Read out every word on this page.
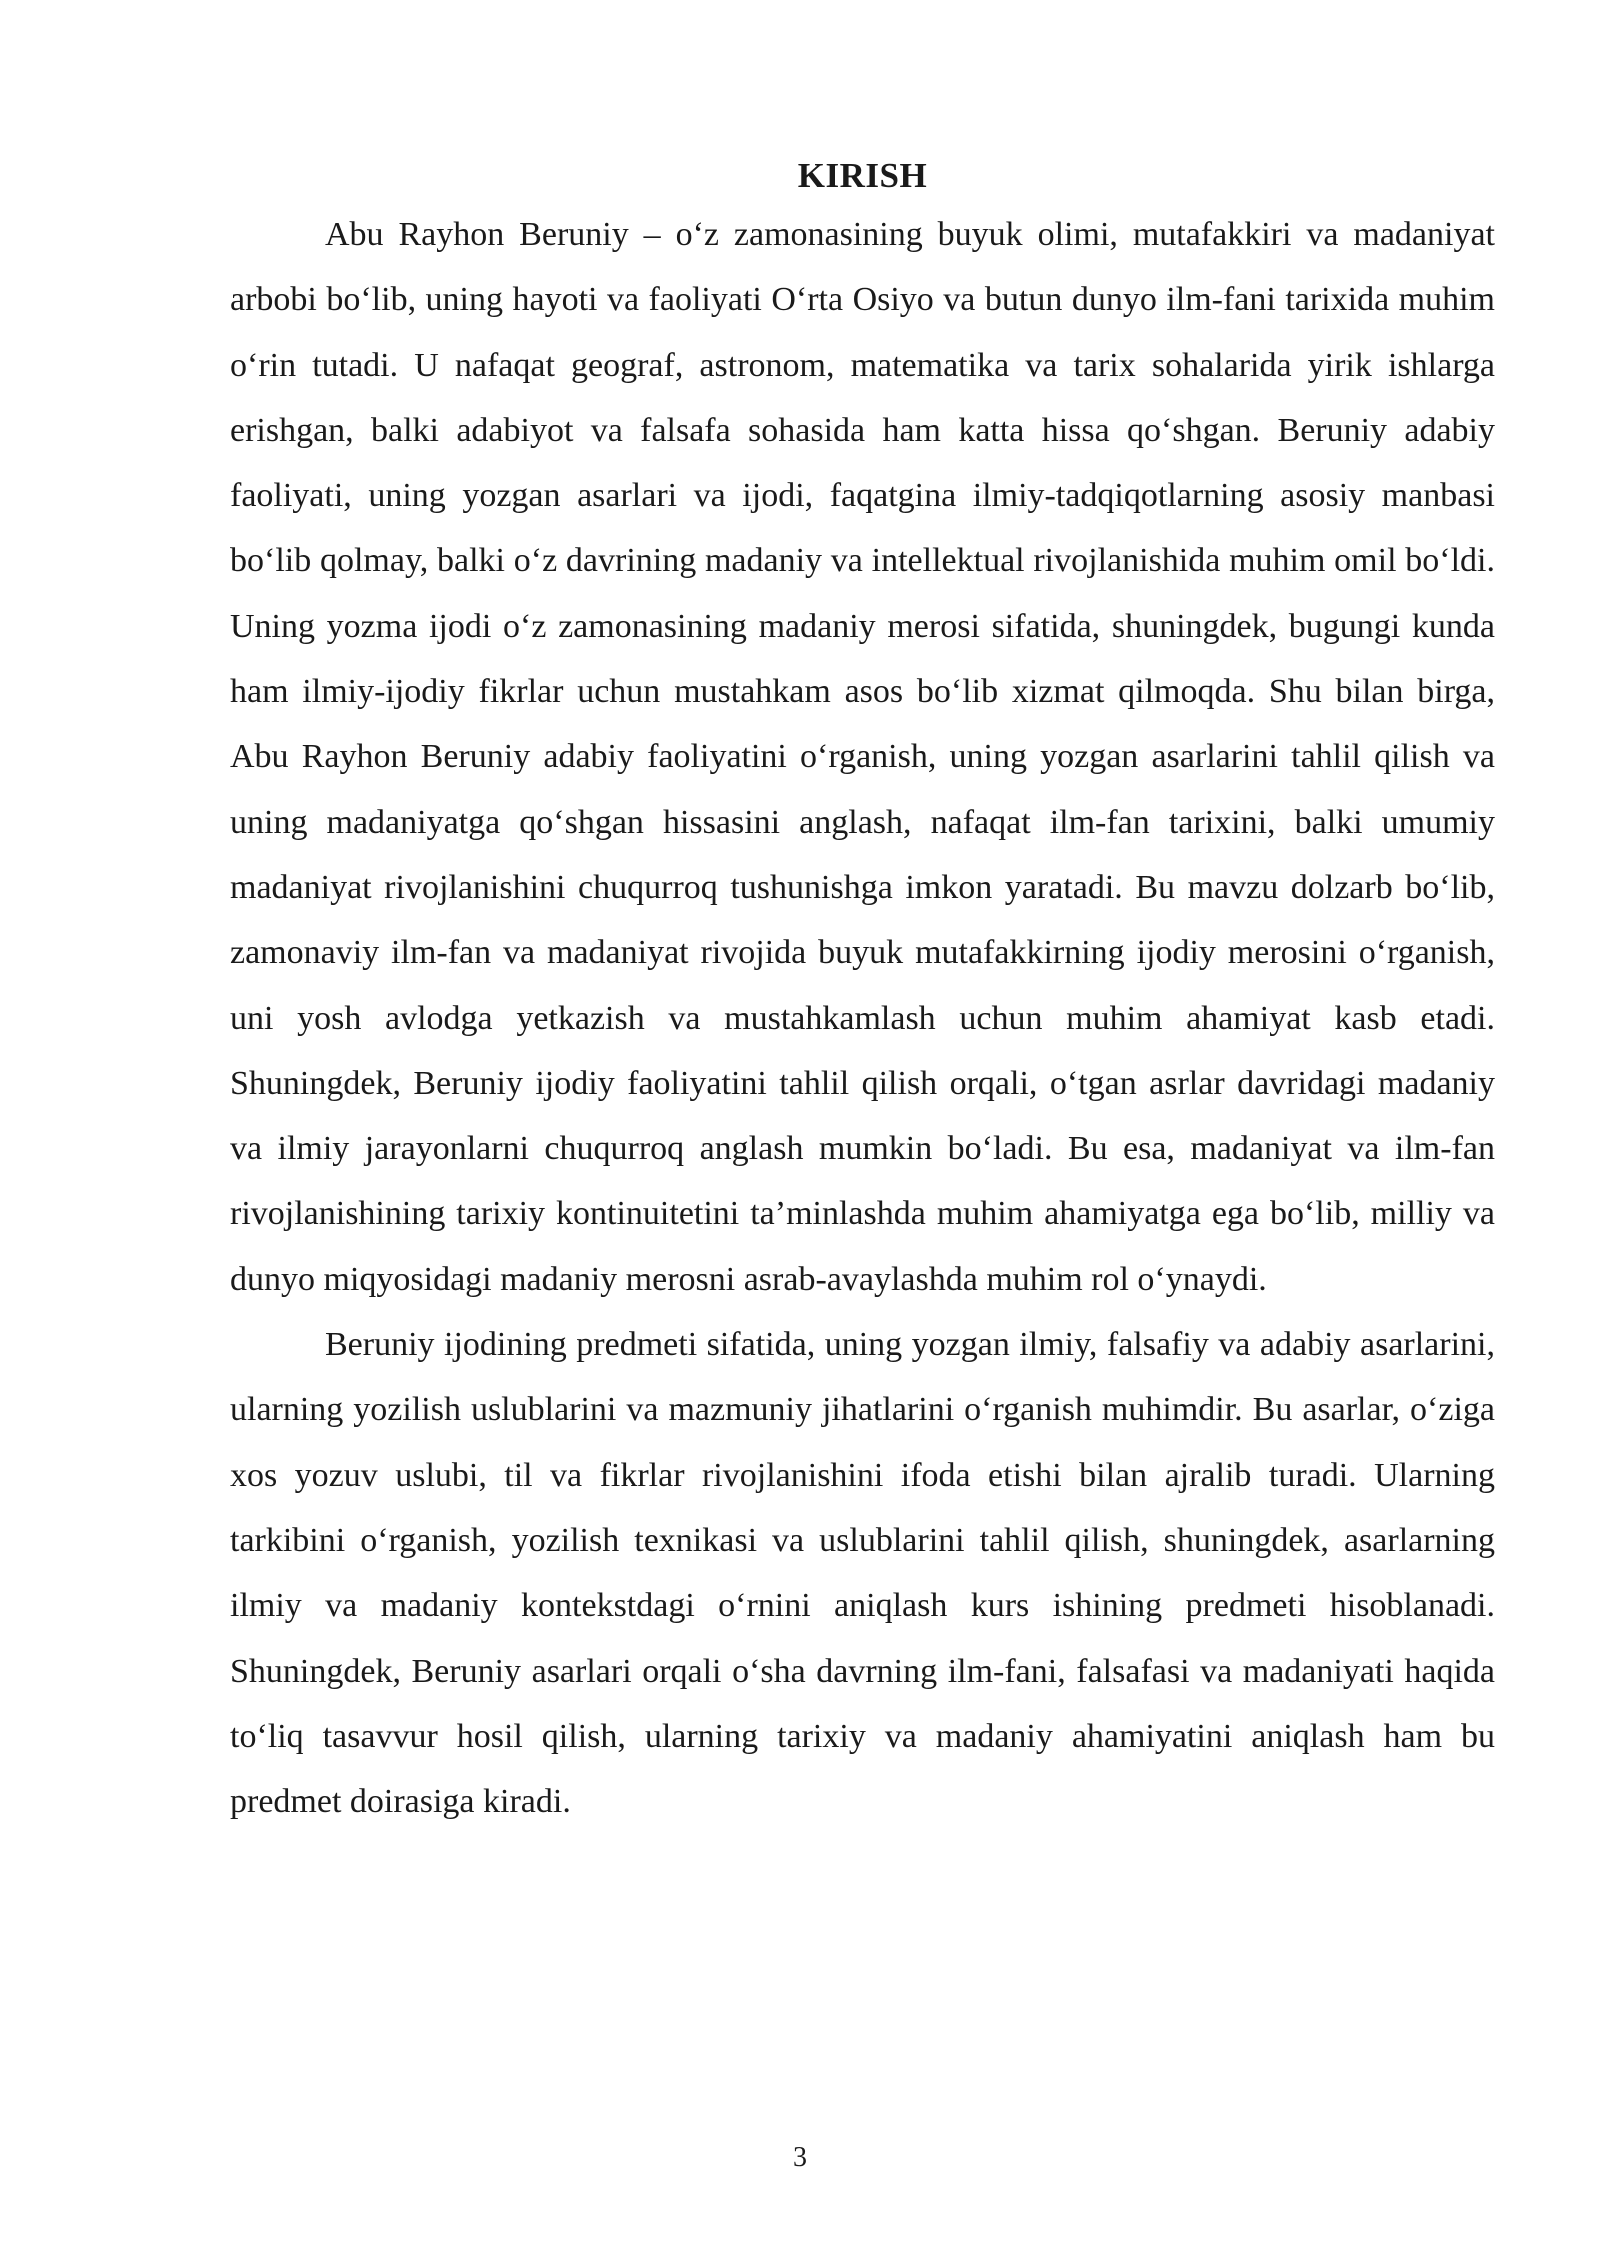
KIRISH

Abu Rayhon Beruniy – o‘z zamonasining buyuk olimi, mutafakkiri va madaniyat arbobi bo‘lib, uning hayoti va faoliyati O‘rta Osiyo va butun dunyo ilm-fani tarixida muhim o‘rin tutadi. U nafaqat geograf, astronom, matematika va tarix sohalarida yirik ishlarga erishgan, balki adabiyot va falsafa sohasida ham katta hissa qo‘shgan. Beruniy adabiy faoliyati, uning yozgan asarlari va ijodi, faqatgina ilmiy-tadqiqotlarning asosiy manbasi bo‘lib qolmay, balki o‘z davrining madaniy va intellektual rivojlanishida muhim omil bo‘ldi. Uning yozma ijodi o‘z zamonasining madaniy merosi sifatida, shuningdek, bugungi kunda ham ilmiy-ijodiy fikrlar uchun mustahkam asos bo‘lib xizmat qilmoqda. Shu bilan birga, Abu Rayhon Beruniy adabiy faoliyatini o‘rganish, uning yozgan asarlarini tahlil qilish va uning madaniyatga qo‘shgan hissasini anglash, nafaqat ilm-fan tarixini, balki umumiy madaniyat rivojlanishini chuqurroq tushunishga imkon yaratadi. Bu mavzu dolzarb bo‘lib, zamonaviy ilm-fan va madaniyat rivojida buyuk mutafakkirning ijodiy merosini o‘rganish, uni yosh avlodga yetkazish va mustahkamlash uchun muhim ahamiyat kasb etadi. Shuningdek, Beruniy ijodiy faoliyatini tahlil qilish orqali, o‘tgan asrlar davridagi madaniy va ilmiy jarayonlarni chuqurroq anglash mumkin bo‘ladi. Bu esa, madaniyat va ilm-fan rivojlanishining tarixiy kontinuitetini ta’minlashda muhim ahamiyatga ega bo‘lib, milliy va dunyo miqyosidagi madaniy merosni asrab-avaylashda muhim rol o‘ynaydi.

Beruniy ijodining predmeti sifatida, uning yozgan ilmiy, falsafiy va adabiy asarlarini, ularning yozilish uslublarini va mazmuniy jihatlarini o‘rganish muhimdir. Bu asarlar, o‘ziga xos yozuv uslubi, til va fikrlar rivojlanishini ifoda etishi bilan ajralib turadi. Ularning tarkibini o‘rganish, yozilish texnikasi va uslublarini tahlil qilish, shuningdek, asarlarning ilmiy va madaniy kontekstdagi o‘rnini aniqlash kurs ishining predmeti hisoblanadi. Shuningdek, Beruniy asarlari orqali o‘sha davrning ilm-fani, falsafasi va madaniyati haqida to‘liq tasavvur hosil qilish, ularning tarixiy va madaniy ahamiyatini aniqlash ham bu predmet doirasiga kiradi.

3
